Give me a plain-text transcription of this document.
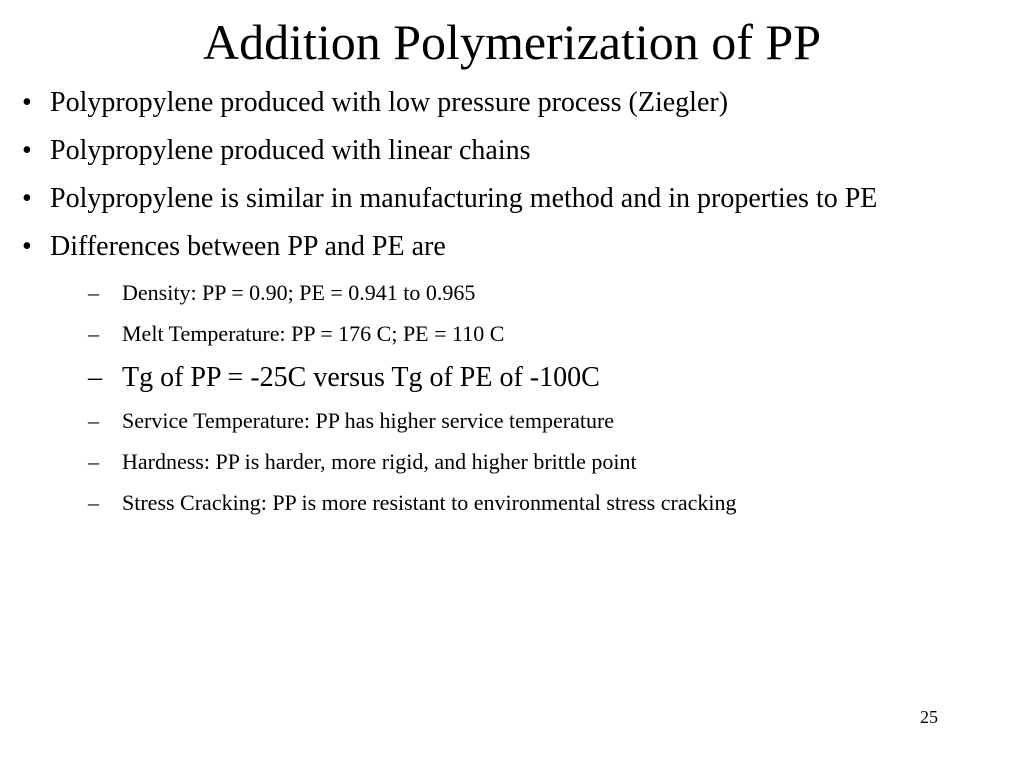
Addition Polymerization of PP
• Polypropylene produced with low pressure process (Ziegler)
• Polypropylene produced with linear chains
• Polypropylene is similar in manufacturing method and in properties to PE
• Differences between PP and PE are
– Density: PP = 0.90; PE = 0.941 to 0.965
– Melt Temperature: PP = 176 C; PE = 110 C
– Tg of PP = -25C versus Tg of PE of -100C
– Service Temperature: PP has higher service temperature
– Hardness: PP is harder, more rigid, and higher brittle point
– Stress Cracking: PP is more resistant to environmental stress cracking
25
